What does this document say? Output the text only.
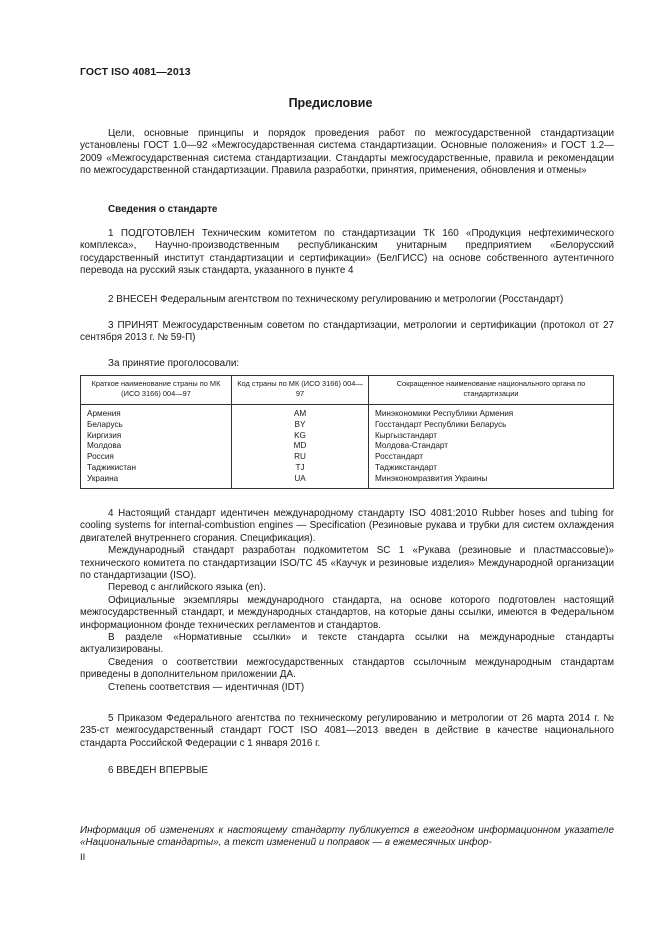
ГОСТ ISO 4081—2013
Предисловие

Цели, основные принципы и порядок проведения работ по межгосударственной стандартизации установлены ГОСТ 1.0—92 «Межгосударственная система стандартизации. Основные положения» и ГОСТ 1.2—2009 «Межгосударственная система стандартизации. Стандарты межгосударственные, правила и рекомендации по межгосударственной стандартизации. Правила разработки, принятия, применения, обновления и отмены»

Сведения о стандарте

1 ПОДГОТОВЛЕН Техническим комитетом по стандартизации ТК 160 «Продукция нефтехимического комплекса», Научно-производственным республиканским унитарным предприятием «Белорусский государственный институт стандартизации и сертификации» (БелГИСС) на основе собственного аутентичного перевода на русский язык стандарта, указанного в пункте 4

2 ВНЕСЕН Федеральным агентством по техническому регулированию и метрологии (Росстандарт)

3 ПРИНЯТ Межгосударственным советом по стандартизации, метрологии и сертификации (протокол от 27 сентября 2013 г. № 59-П)

За принятие проголосовали:
Краткое наименование страны по МК (ИСО 3166) 004—97	Код страны по МК (ИСО 3166) 004—97	Сокращенное наименование национального органа по стандартизации
Армения	AM	Минэкономики Республики Армения
Беларусь	BY	Госстандарт Республики Беларусь
Киргизия	KG	Кыргызстандарт
Молдова	MD	Молдова-Стандарт
Россия	RU	Росстандарт
Таджикистан	TJ	Таджикстандарт
Украина	UA	Минэкономразвития Украины

4 Настоящий стандарт идентичен международному стандарту ISO 4081:2010 Rubber hoses and tubing for cooling systems for internal-combustion engines — Specification (Резиновые рукава и трубки для систем охлаждения двигателей внутреннего сгорания. Спецификация).

Международный стандарт разработан подкомитетом SC 1 «Рукава (резиновые и пластмассовые)» технического комитета по стандартизации ISO/TC 45 «Каучук и резиновые изделия» Международной организации по стандартизации (ISO).

Перевод с английского языка (en).

Официальные экземпляры международного стандарта, на основе которого подготовлен настоящий межгосударственный стандарт, и международных стандартов, на которые даны ссылки, имеются в Федеральном информационном фонде технических регламентов и стандартов.

В разделе «Нормативные ссылки» и тексте стандарта ссылки на международные стандарты актуализированы.

Сведения о соответствии межгосударственных стандартов ссылочным международным стандартам приведены в дополнительном приложении ДА.

Степень соответствия — идентичная (IDT)

5 Приказом Федерального агентства по техническому регулированию и метрологии от 26 марта 2014 г. № 235-ст межгосударственный стандарт ГОСТ ISO 4081—2013 введен в действие в качестве национального стандарта Российской Федерации с 1 января 2016 г.

6 ВВЕДЕН ВПЕРВЫЕ

Информация об изменениях к настоящему стандарту публикуется в ежегодном информационном указателе «Национальные стандарты», а текст изменений и поправок — в ежемесячных инфор-

II
